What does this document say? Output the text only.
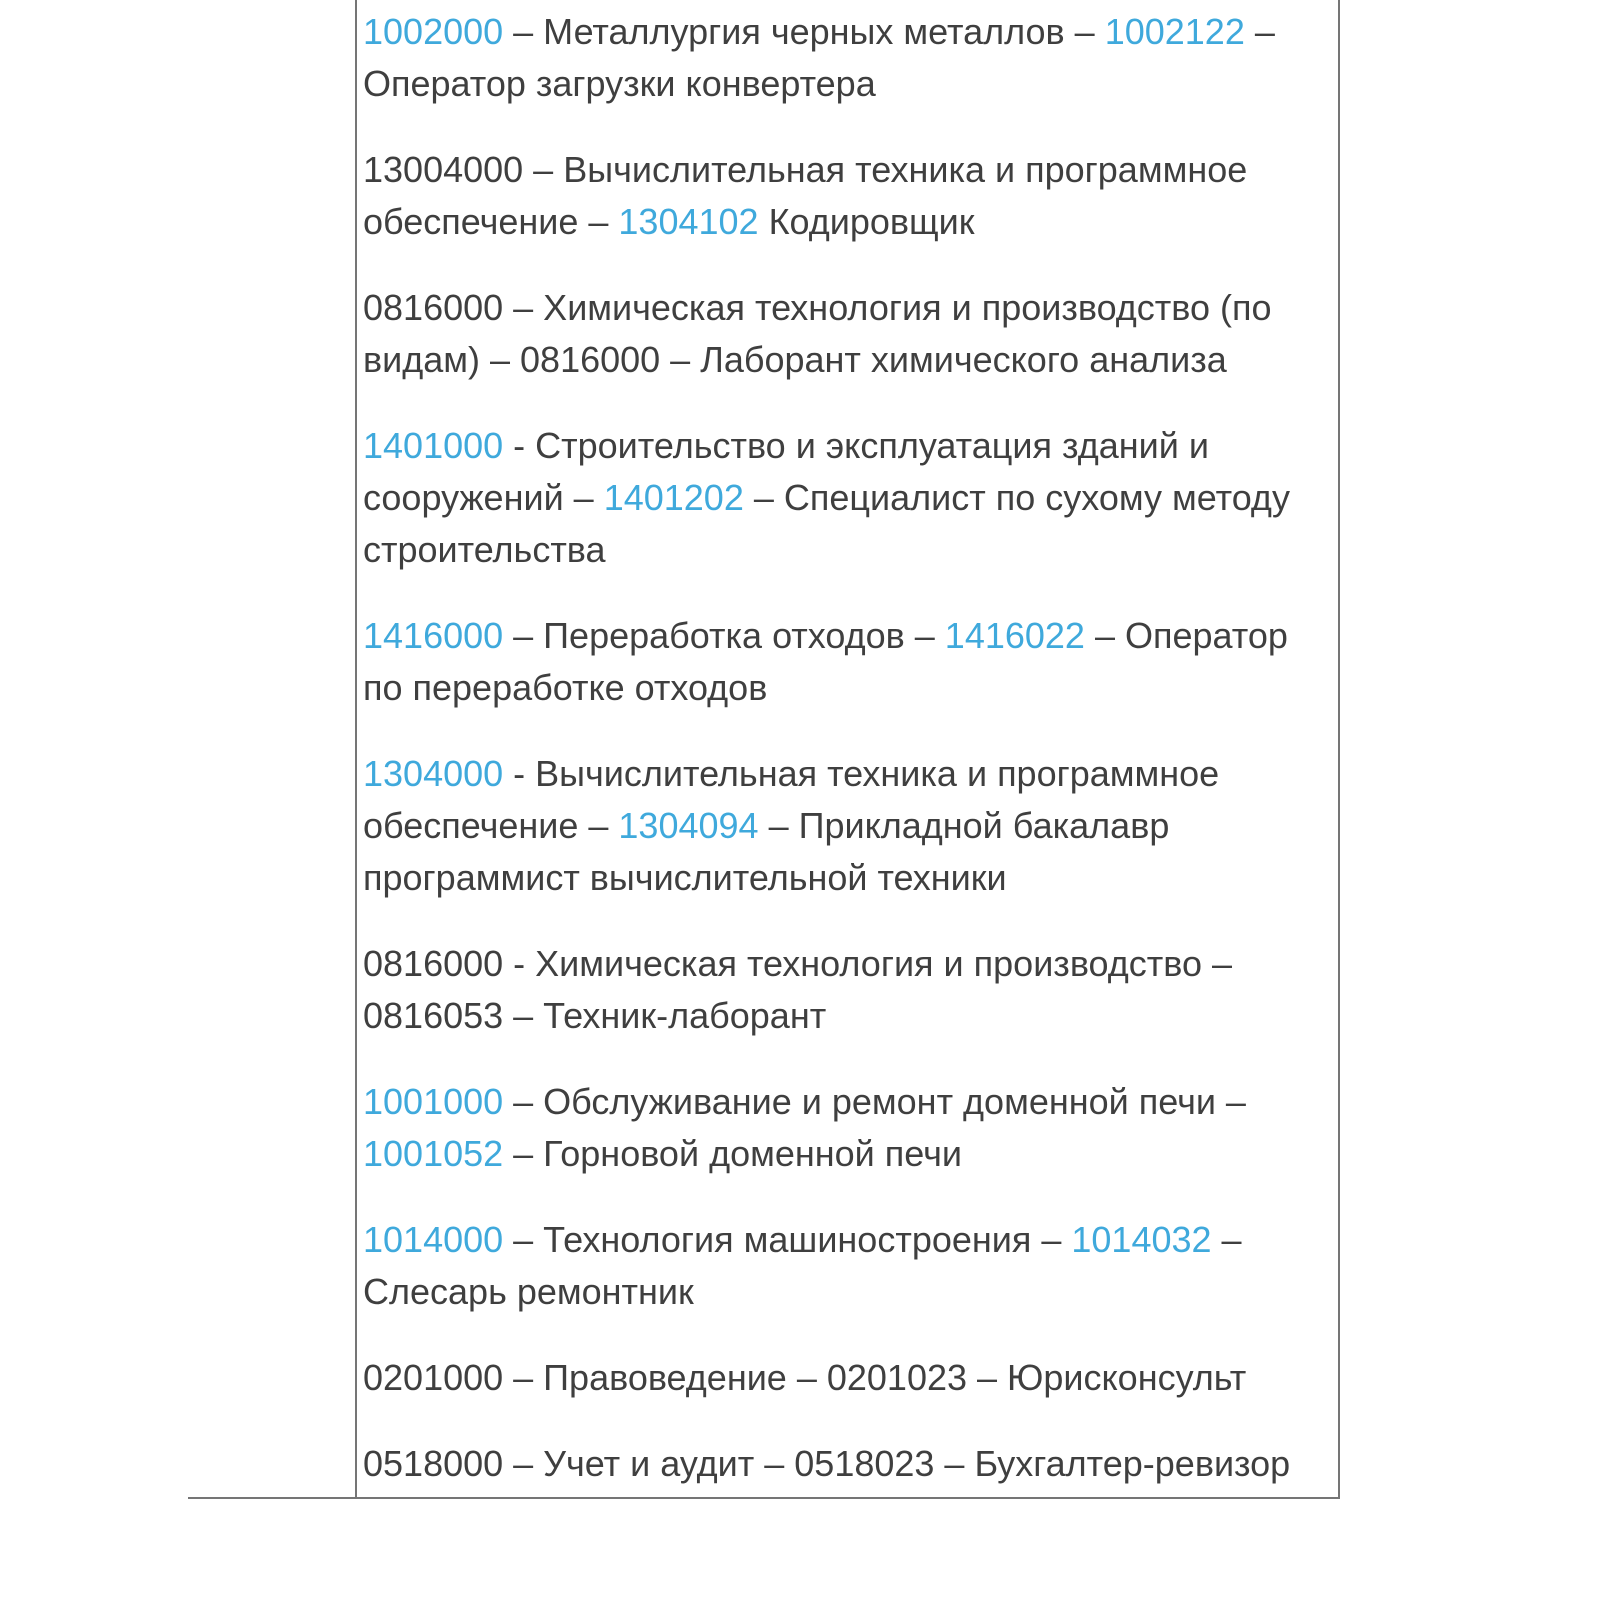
1002000 – Металлургия черных металлов – 1002122 – Оператор загрузки конвертера

13004000 – Вычислительная техника и программное обеспечение – 1304102 Кодировщик

0816000 – Химическая технология и производство (по видам) – 0816000 – Лаборант химического анализа

1401000 - Строительство и эксплуатация зданий и сооружений – 1401202 – Специалист по сухому методу строительства

1416000 – Переработка отходов – 1416022 – Оператор по переработке отходов

1304000 - Вычислительная техника и программное обеспечение – 1304094 – Прикладной бакалавр программист вычислительной техники

0816000 - Химическая технология и производство – 0816053 – Техник-лаборант

1001000 – Обслуживание и ремонт доменной печи – 1001052 – Горновой доменной печи

1014000 – Технология машиностроения – 1014032 – Слесарь ремонтник

0201000 – Правоведение – 0201023 – Юрисконсульт

0518000 – Учет и аудит – 0518023 – Бухгалтер-ревизор
